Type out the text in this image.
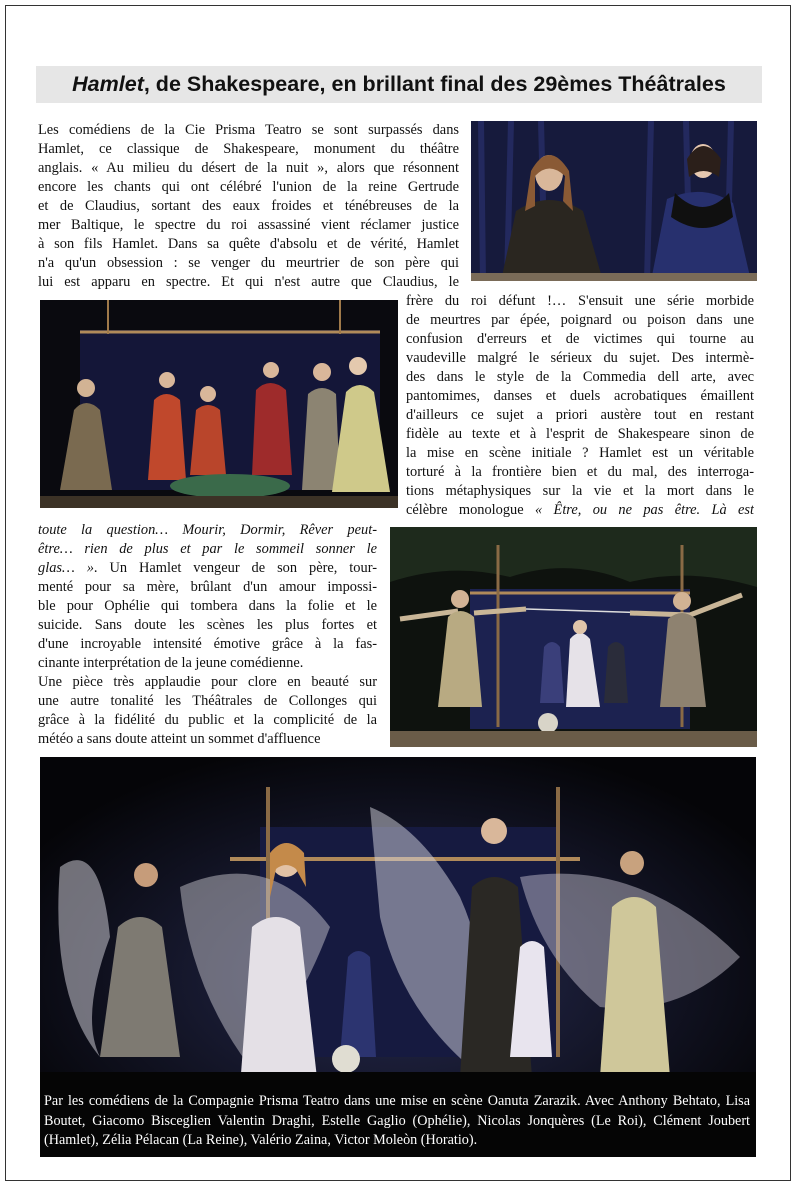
Hamlet , de Shakespeare, en brillant final des 29èmes Théâtrales
Les comédiens de la Cie Prisma Teatro se sont surpassés dans
Hamlet, ce classique de Shakespeare, monument du théâtre
anglais. « Au milieu du désert de la nuit », alors que résonnent
encore les chants qui ont célébré l'union de la reine Gertrude
et de Claudius, sortant des eaux froides et ténébreuses de la
mer Baltique, le spectre du roi assassiné vient réclamer justice
à son fils Hamlet. Dans sa quête d'absolu et de vérité, Hamlet
n'a qu'un obsession : se venger du meurtrier de son père qui
lui est apparu en spectre. Et qui n'est autre que Claudius, le
frère du roi défunt !… S'ensuit une série morbide
de meurtres par épée, poignard ou poison dans une
confusion d'erreurs et de victimes qui tourne au
vaudeville malgré le sérieux du sujet. Des intermè-
des dans le style de la Commedia dell arte, avec
pantomimes, danses et duels acrobatiques émaillent
d'ailleurs ce sujet a priori austère tout en restant
fidèle au texte et à l'esprit de Shakespeare sinon de
la mise en scène initiale ? Hamlet est un véritable
torturé à la frontière bien et du mal, des interroga-
tions métaphysiques sur la vie et la mort dans le
célèbre monologue « Être, ou ne pas être. Là est
toute la question… Mourir, Dormir, Rêver peut-
être… rien de plus et par le sommeil sonner le
glas… ». Un Hamlet vengeur de son père, tour-
menté pour sa mère, brûlant d'un amour impossi-
ble pour Ophélie qui tombera dans la folie et le
suicide. Sans doute les scènes les plus fortes et
d'une incroyable intensité émotive grâce à la fas-
cinante interprétation de la jeune comédienne.
Une pièce très applaudie pour clore en beauté sur
une autre tonalité les Théâtrales de Collonges qui
grâce à la fidélité du public et la complicité de la
météo a sans doute atteint un sommet d'affluence
Par les comédiens de la Compagnie Prisma Teatro dans une mise en scène Oanuta Zarazik. Avec Anthony Behtato, Lisa Boutet, Giacomo Bisceglien Valentin Draghi, Estelle Gaglio (Ophélie), Nicolas Jonquères (Le Roi), Clément Joubert (Hamlet), Zélia Pélacan (La Reine), Valério Zaina, Victor Moleòn (Horatio).
